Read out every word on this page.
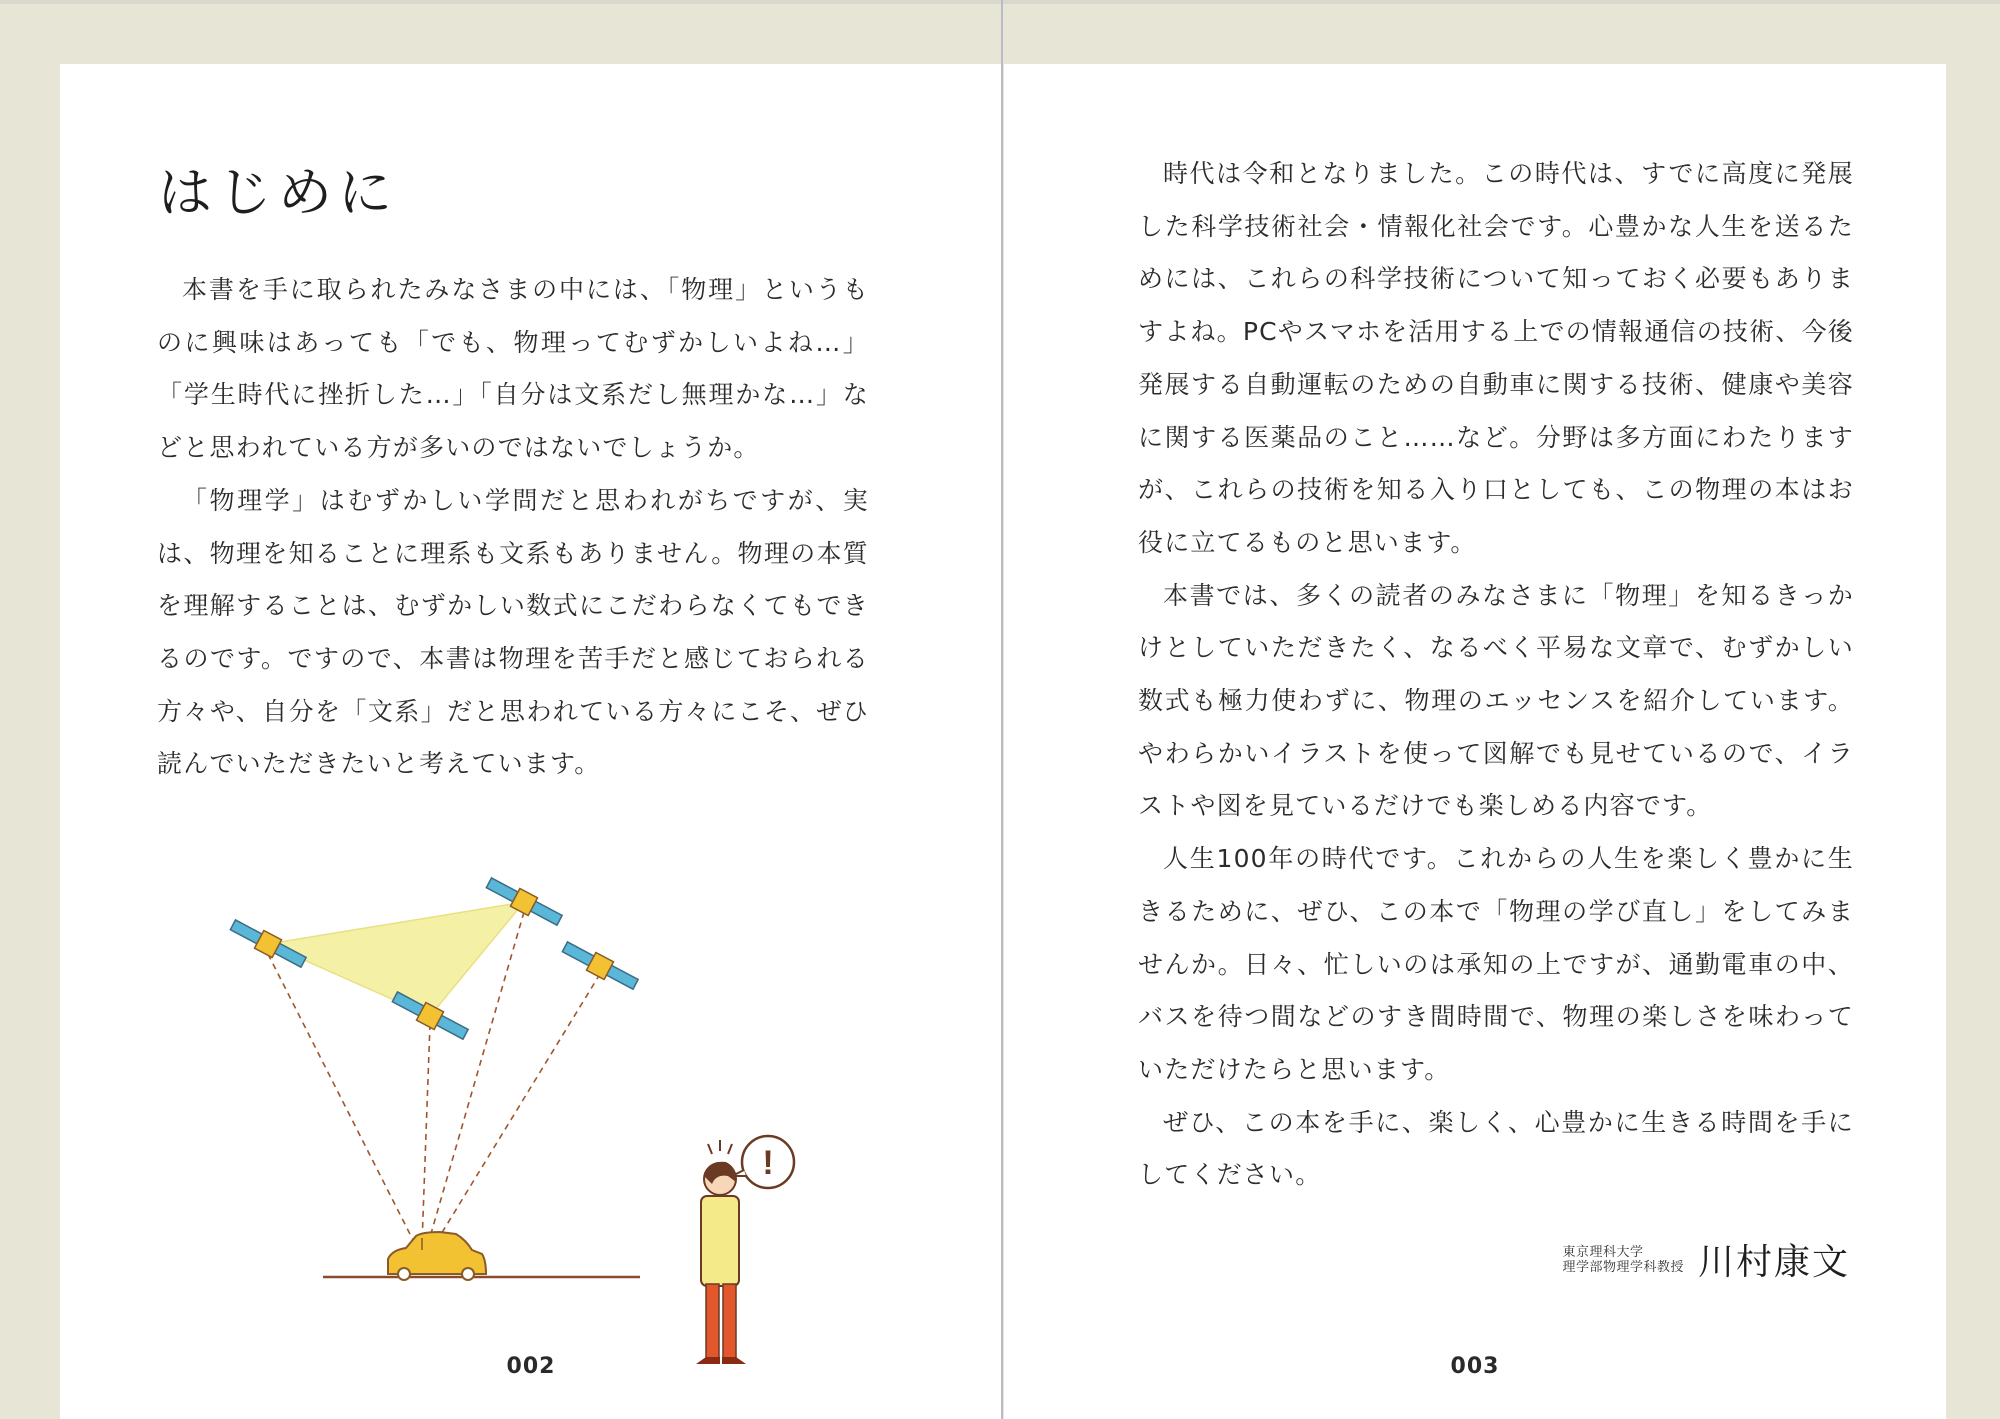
はじめに

本書を手に取られたみなさまの中には、「物理」というものに興味はあっても「でも、物理ってむずかしいよね…」「学生時代に挫折した…」「自分は文系だし無理かな…」などと思われている方が多いのではないでしょうか。

「物理学」はむずかしい学問だと思われがちですが、実は、物理を知ることに理系も文系もありません。物理の本質を理解することは、むずかしい数式にこだわらなくてもできるのです。ですので、本書は物理を苦手だと感じておられる方々や、自分を「文系」だと思われている方々にこそ、ぜひ読んでいただきたいと考えています。

!
002

時代は令和となりました。この時代は、すでに高度に発展した科学技術社会・情報化社会です。心豊かな人生を送るためには、これらの科学技術について知っておく必要もありますよね。PCやスマホを活用する上での情報通信の技術、今後発展する自動運転のための自動車に関する技術、健康や美容に関する医薬品のこと……など。分野は多方面にわたりますが、これらの技術を知る入り口としても、この物理の本はお役に立てるものと思います。

本書では、多くの読者のみなさまに「物理」を知るきっかけとしていただきたく、なるべく平易な文章で、むずかしい数式も極力使わずに、物理のエッセンスを紹介しています。やわらかいイラストを使って図解でも見せているので、イラストや図を見ているだけでも楽しめる内容です。

人生100年の時代です。これからの人生を楽しく豊かに生きるために、ぜひ、この本で「物理の学び直し」をしてみませんか。日々、忙しいのは承知の上ですが、通勤電車の中、バスを待つ間などのすき間時間で、物理の楽しさを味わっていただけたらと思います。

ぜひ、この本を手に、楽しく、心豊かに生きる時間を手にしてください。

東京理科大学
理学部物理学科教授 川村康文
003
